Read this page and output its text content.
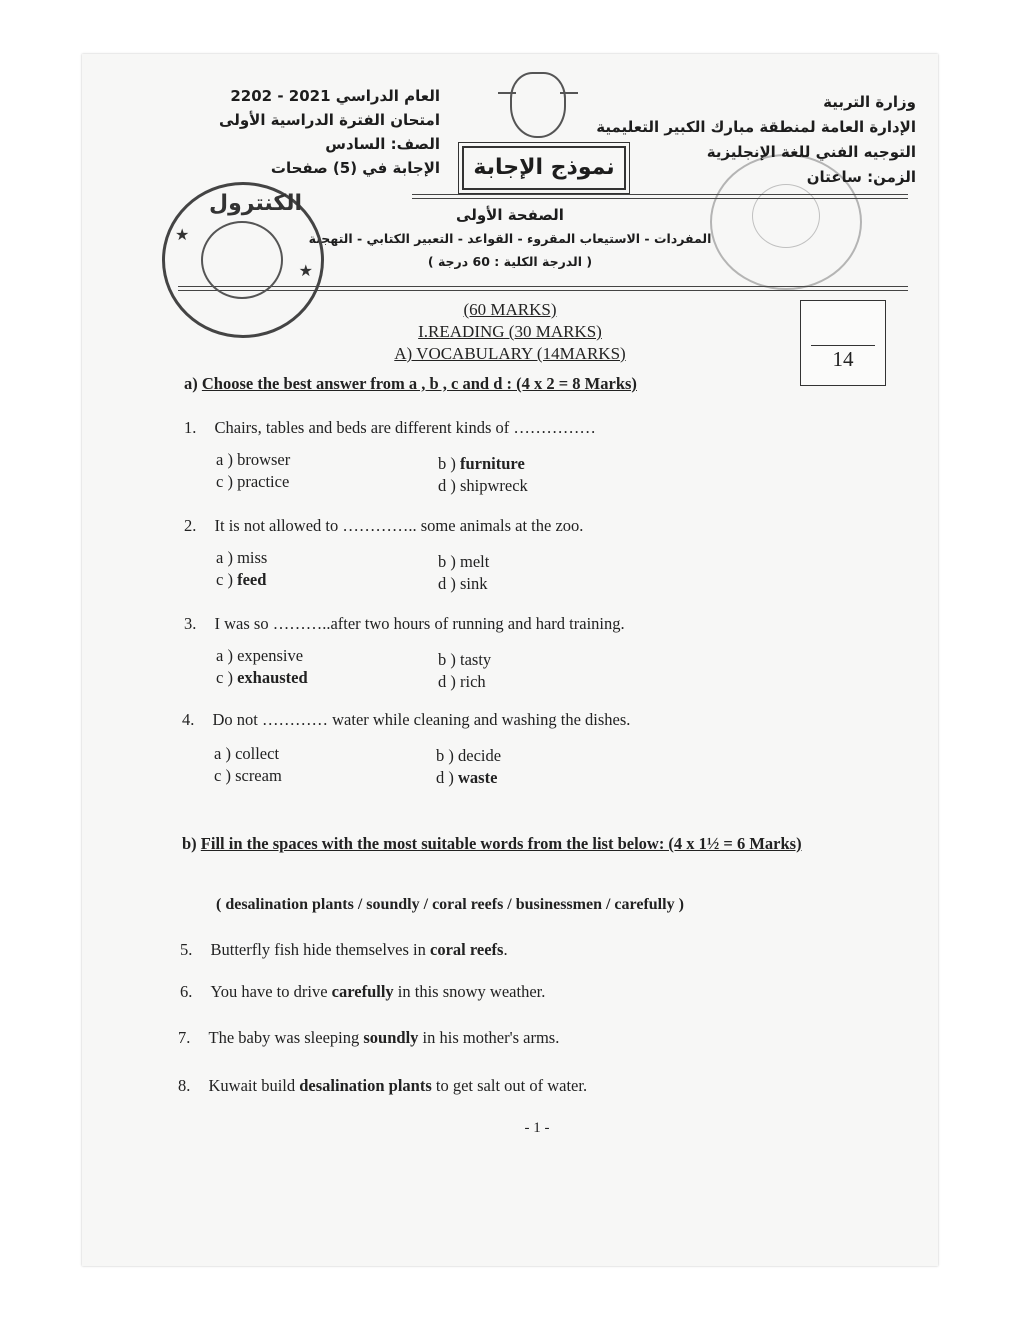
العام الدراسي 2021 - 2202
امتحان الفترة الدراسية الأولى
الصف: السادس
الإجابة في (5) صفحات	نموذج الإجابة
وزارة التربية
الإدارة العامة لمنطقة مبارك الكبير التعليمية
التوجيه الفني للغة الإنجليزية
الزمن: ساعتان
الصفحة الأولى
المفردات - الاستيعاب المقروء - القواعد - التعبير الكتابي - التهجئة
( الدرجة الكلية : 60 درجة )
★
★
الكنترول
(60 MARKS)
I.READING (30 MARKS)
A) VOCABULARY (14MARKS)	14
a) Choose the best answer from a , b , c and d : (4 x 2 = 8 Marks)
1. Chairs, tables and beds are different kinds of ……………
a ) browser	b ) furniture
c ) practice	d ) shipwreck
2. It is not allowed to ………….. some animals at the zoo.
a ) miss	b ) melt
c ) feed	d ) sink
3. I was so ………..after two hours of running and hard training.
a ) expensive	b ) tasty
c ) exhausted	d ) rich
4. Do not ………… water while cleaning and washing the dishes.
a ) collect	b ) decide
c ) scream	d ) waste
b) Fill in the spaces with the most suitable words from the list below: (4 x 1½ = 6 Marks)
( desalination plants / soundly / coral reefs / businessmen / carefully )
5. Butterfly fish hide themselves in coral reefs.
6. You have to drive carefully in this snowy weather.
7. The baby was sleeping soundly in his mother's arms.
8. Kuwait build desalination plants to get salt out of water.
- 1 -
